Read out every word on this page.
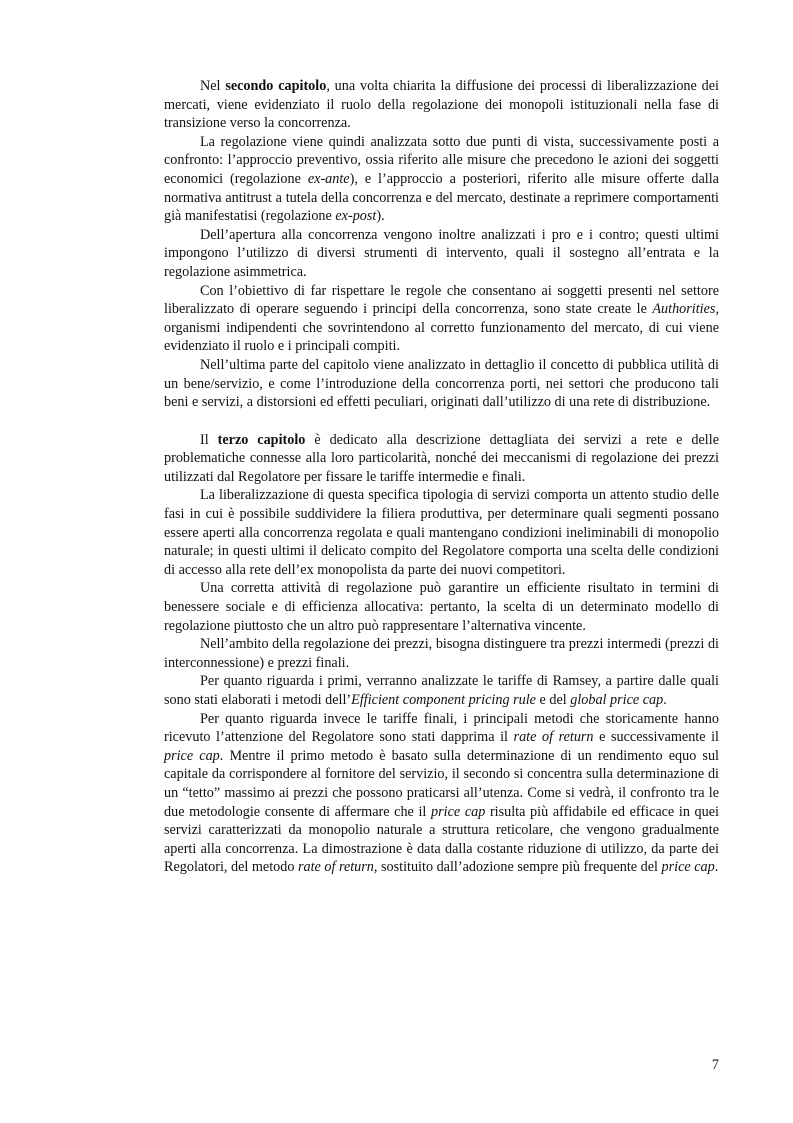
Nel secondo capitolo, una volta chiarita la diffusione dei processi di liberalizzazione dei mercati, viene evidenziato il ruolo della regolazione dei monopoli istituzionali nella fase di transizione verso la concorrenza.

La regolazione viene quindi analizzata sotto due punti di vista, successivamente posti a confronto: l’approccio preventivo, ossia riferito alle misure che precedono le azioni dei soggetti economici (regolazione ex-ante), e l’approccio a posteriori, riferito alle misure offerte dalla normativa antitrust a tutela della concorrenza e del mercato, destinate a reprimere comportamenti già manifestatisi (regolazione ex-post).

Dell’apertura alla concorrenza vengono inoltre analizzati i pro e i contro; questi ultimi impongono l’utilizzo di diversi strumenti di intervento, quali il sostegno all’entrata e la regolazione asimmetrica.

Con l’obiettivo di far rispettare le regole che consentano ai soggetti presenti nel settore liberalizzato di operare seguendo i principi della concorrenza, sono state create le Authorities, organismi indipendenti che sovrintendono al corretto funzionamento del mercato, di cui viene evidenziato il ruolo e i principali compiti.

Nell’ultima parte del capitolo viene analizzato in dettaglio il concetto di pubblica utilità di un bene/servizio, e come l’introduzione della concorrenza porti, nei settori che producono tali beni e servizi, a distorsioni ed effetti peculiari, originati dall’utilizzo di una rete di distribuzione.

Il terzo capitolo è dedicato alla descrizione dettagliata dei servizi a rete e delle problematiche connesse alla loro particolarità, nonché dei meccanismi di regolazione dei prezzi utilizzati dal Regolatore per fissare le tariffe intermedie e finali.

La liberalizzazione di questa specifica tipologia di servizi comporta un attento studio delle fasi in cui è possibile suddividere la filiera produttiva, per determinare quali segmenti possano essere aperti alla concorrenza regolata e quali mantengano condizioni ineliminabili di monopolio naturale; in questi ultimi il delicato compito del Regolatore comporta una scelta delle condizioni di accesso alla rete dell’ex monopolista da parte dei nuovi competitori.

Una corretta attività di regolazione può garantire un efficiente risultato in termini di benessere sociale e di efficienza allocativa: pertanto, la scelta di un determinato modello di regolazione piuttosto che un altro può rappresentare l’alternativa vincente.

Nell’ambito della regolazione dei prezzi, bisogna distinguere tra prezzi intermedi (prezzi di interconnessione) e prezzi finali.

Per quanto riguarda i primi, verranno analizzate le tariffe di Ramsey, a partire dalle quali sono stati elaborati i metodi dell’Efficient component pricing rule e del global price cap.

Per quanto riguarda invece le tariffe finali, i principali metodi che storicamente hanno ricevuto l’attenzione del Regolatore sono stati dapprima il rate of return e successivamente il price cap. Mentre il primo metodo è basato sulla determinazione di un rendimento equo sul capitale da corrispondere al fornitore del servizio, il secondo si concentra sulla determinazione di un “tetto” massimo ai prezzi che possono praticarsi all’utenza. Come si vedrà, il confronto tra le due metodologie consente di affermare che il price cap risulta più affidabile ed efficace in quei servizi caratterizzati da monopolio naturale a struttura reticolare, che vengono gradualmente aperti alla concorrenza. La dimostrazione è data dalla costante riduzione di utilizzo, da parte dei Regolatori, del metodo rate of return, sostituito dall’adozione sempre più frequente del price cap.

7
